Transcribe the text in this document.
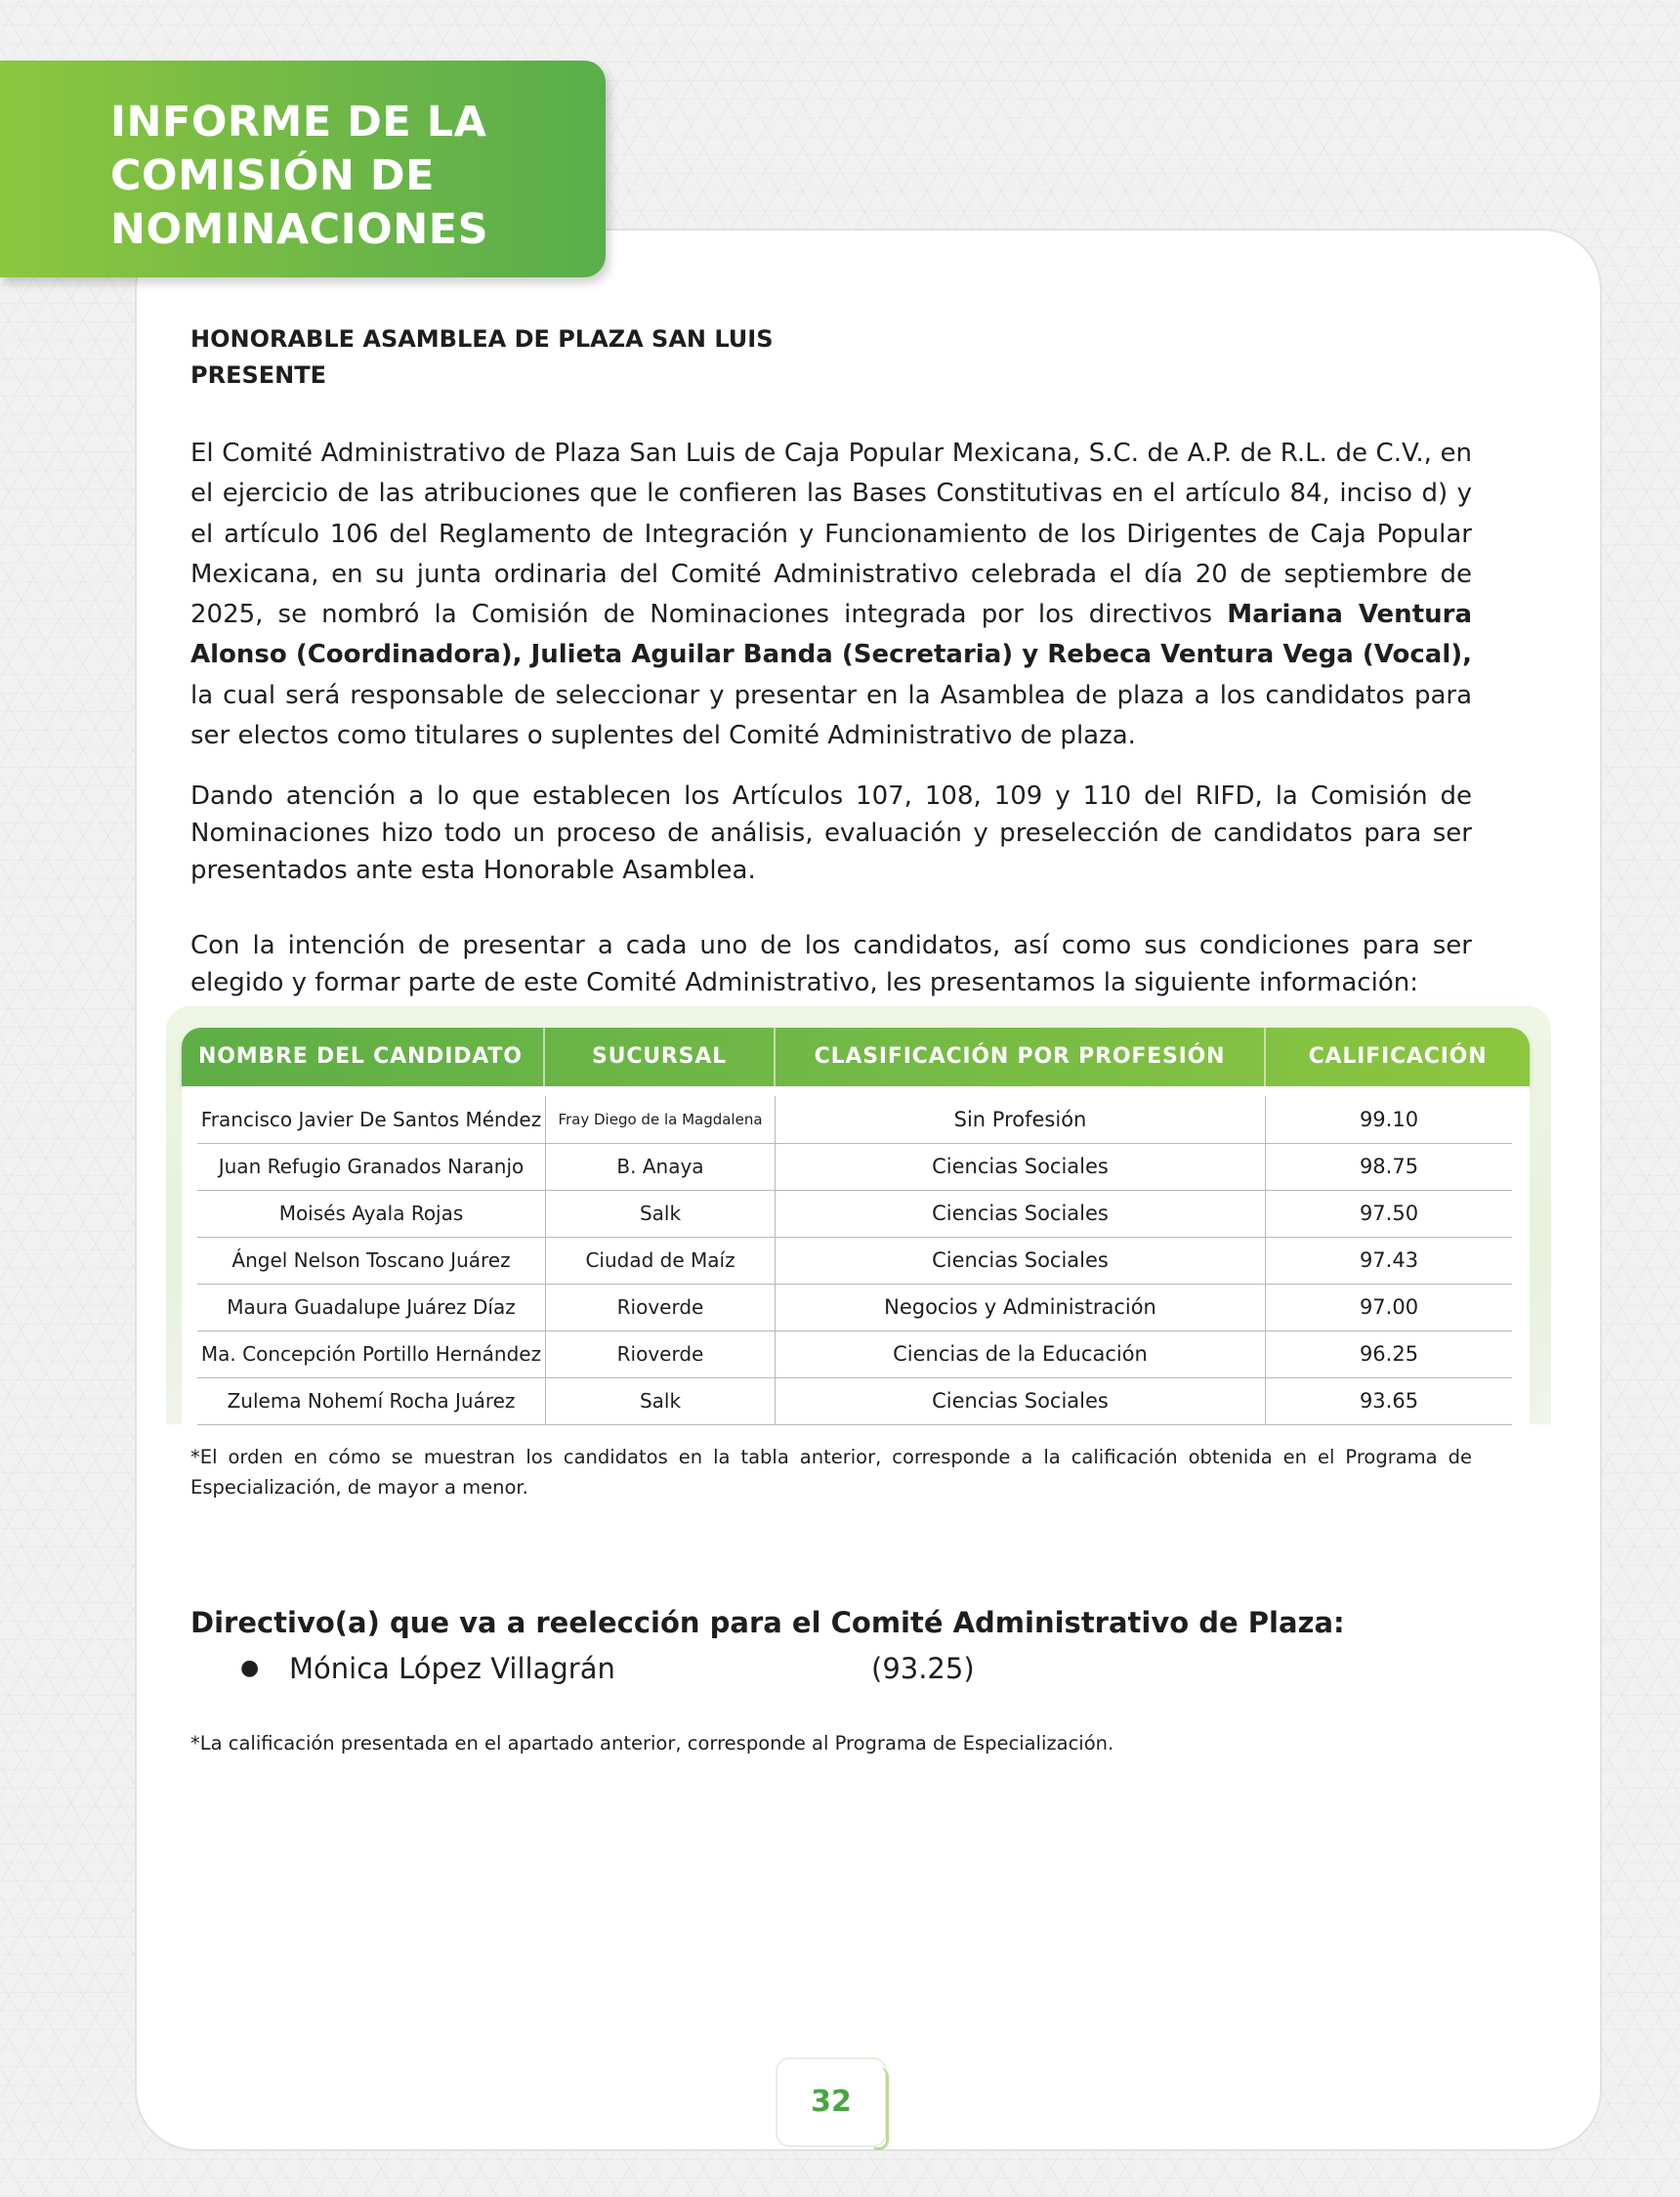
INFORME DE LA
COMISIÓN DE
NOMINACIONES
HONORABLE ASAMBLEA DE PLAZA SAN LUIS
PRESENTE

El Comité Administrativo de Plaza San Luis de Caja Popular Mexicana, S.C. de A.P. de R.L. de C.V., en el ejercicio de las atribuciones que le confieren las Bases Constitutivas en el artículo 84, inciso d) y el artículo 106 del Reglamento de Integración y Funcionamiento de los Dirigentes de Caja Popular Mexicana, en su junta ordinaria del Comité Administrativo celebrada el día 20 de septiembre de 2025, se nombró la Comisión de Nominaciones integrada por los directivos Mariana Ventura Alonso (Coordinadora), Julieta Aguilar Banda (Secretaria) y Rebeca Ventura Vega (Vocal), la cual será responsable de seleccionar y presentar en la Asamblea de plaza a los candidatos para ser electos como titulares o suplentes del Comité Administrativo de plaza.

Dando atención a lo que establecen los Artículos 107, 108, 109 y 110 del RIFD, la Comisión de Nominaciones hizo todo un proceso de análisis, evaluación y preselección de candidatos para ser presentados ante esta Honorable Asamblea.

Con la intención de presentar a cada uno de los candidatos, así como sus condiciones para ser elegido y formar parte de este Comité Administrativo, les presentamos la siguiente información:

NOMBRE DEL CANDIDATO	SUCURSAL	CLASIFICACIÓN POR PROFESIÓN	CALIFICACIÓN
Francisco Javier De Santos Méndez	Fray Diego de la Magdalena	Sin Profesión	99.10
Juan Refugio Granados Naranjo	B. Anaya	Ciencias Sociales	98.75
Moisés Ayala Rojas	Salk	Ciencias Sociales	97.50
Ángel Nelson Toscano Juárez	Ciudad de Maíz	Ciencias Sociales	97.43
Maura Guadalupe Juárez Díaz	Rioverde	Negocios y Administración	97.00
Ma. Concepción Portillo Hernández	Rioverde	Ciencias de la Educación	96.25
Zulema Nohemí Rocha Juárez	Salk	Ciencias Sociales	93.65

*El orden en cómo se muestran los candidatos en la tabla anterior, corresponde a la calificación obtenida en el Programa de Especialización, de mayor a menor.

Directivo(a) que va a reelección para el Comité Administrativo de Plaza:
● Mónica López Villagrán	(93.25)

*La calificación presentada en el apartado anterior, corresponde al Programa de Especialización.

32
